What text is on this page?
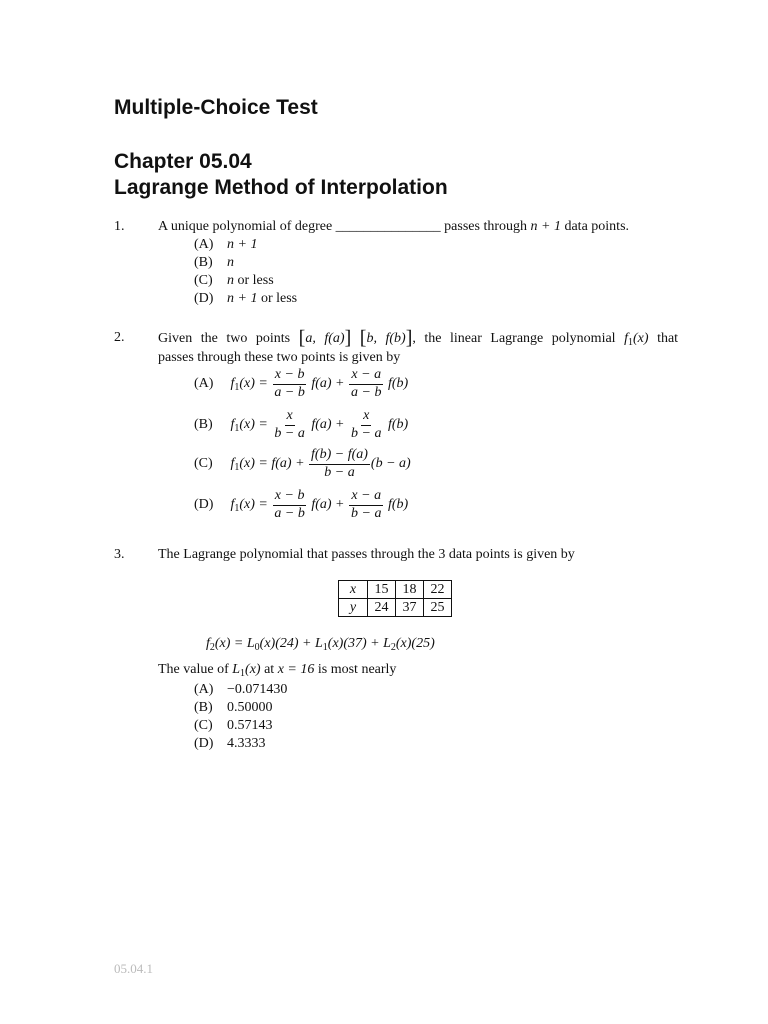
Multiple-Choice Test
Chapter 05.04
Lagrange Method of Interpolation
1. A unique polynomial of degree _______________ passes through n + 1 data points.
(A) n + 1
(B) n
(C) n or less
(D) n + 1 or less
2. Given the two points [a, f(a)] [b, f(b)], the linear Lagrange polynomial $f_1(x)$ that
passes through these two points is given by
(A) $f_1(x) = \frac{x - b}{a - b} f(a) + \frac{x - a}{a - b} f(b)$
(B) $f_1(x) = \frac{x}{b - a} f(a) + \frac{x}{b - a} f(b)$
(C) $f_1(x) = f(a) + \frac{f(b) - f(a)}{b - a} (b - a)$
(D) $f_1(x) = \frac{x - b}{a - b} f(a) + \frac{x - a}{b - a} f(b)$
3. The Lagrange polynomial that passes through the 3 data points is given by
x	15	18	22
y	24	37	25
$f_2(x) = L_0(x)(24) + L_1(x)(37) + L_2(x)(25)$
The value of $L_1(x)$ at x = 16 is most nearly
(A) −0.071430
(B) 0.50000
(C) 0.57143
(D) 4.3333
05.04.1
